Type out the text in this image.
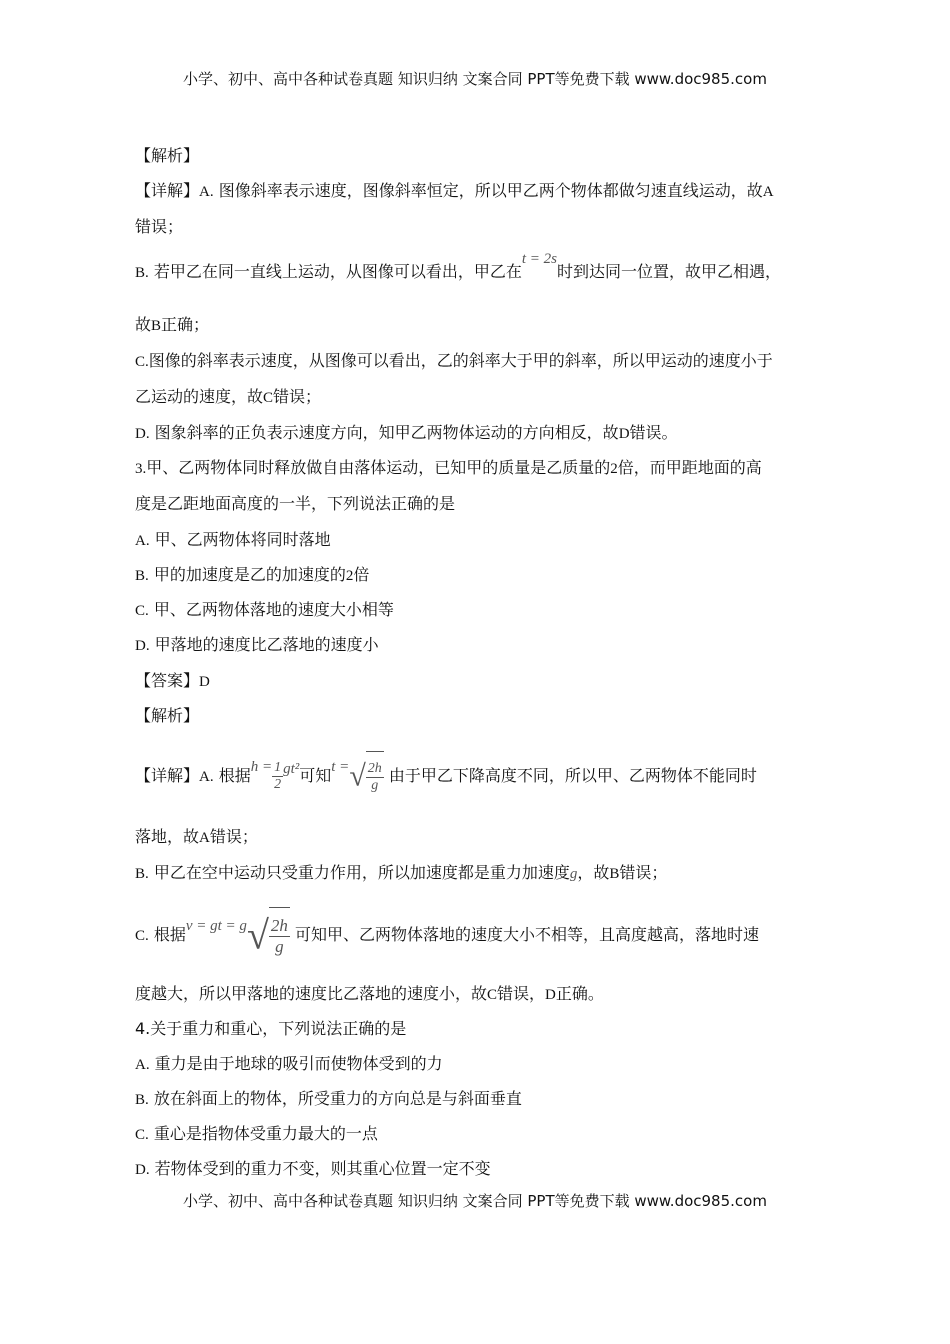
小学、初中、高中各种试卷真题 知识归纳 文案合同 PPT等免费下载 www.doc985.com
【解析】
【详解】A. 图像斜率表示速度，图像斜率恒定，所以甲乙两个物体都做匀速直线运动，故A
错误；
B. 若甲乙在同一直线上运动，从图像可以看出，甲乙在t = 2s时到达同一位置，故甲乙相遇，
故B正确；
C.图像的斜率表示速度，从图像可以看出，乙的斜率大于甲的斜率，所以甲运动的速度小于
乙运动的速度，故C错误；
D. 图象斜率的正负表示速度方向，知甲乙两物体运动的方向相反，故D错误。
3.甲、乙两物体同时释放做自由落体运动，已知甲的质量是乙质量的2倍，而甲距地面的高
度是乙距地面高度的一半，下列说法正确的是
A. 甲、乙两物体将同时落地
B. 甲的加速度是乙的加速度的2倍
C. 甲、乙两物体落地的速度大小相等
D. 甲落地的速度比乙落地的速度小
【答案】D
【解析】
【详解】A. 根据$h = \frac{1}{2} gt^2$可知t =√ $\frac{2h}{g}$ 由于甲乙下降高度不同，所以甲、乙两物体不能同时
落地，故A错误；
B. 甲乙在空中运动只受重力作用，所以加速度都是重力加速度g，故B错误；
C. 根据v = gt = $g√ \frac{2h}{g}$ 可知甲、乙两物体落地的速度大小不相等，且高度越高，落地时速
度越大，所以甲落地的速度比乙落地的速度小，故C错误，D正确。
4.关于重力和重心，下列说法正确的是
A. 重力是由于地球的吸引而使物体受到的力
B. 放在斜面上的物体，所受重力的方向总是与斜面垂直
C. 重心是指物体受重力最大的一点
D. 若物体受到的重力不变，则其重心位置一定不变
小学、初中、高中各种试卷真题 知识归纳 文案合同 PPT等免费下载 www.doc985.com
